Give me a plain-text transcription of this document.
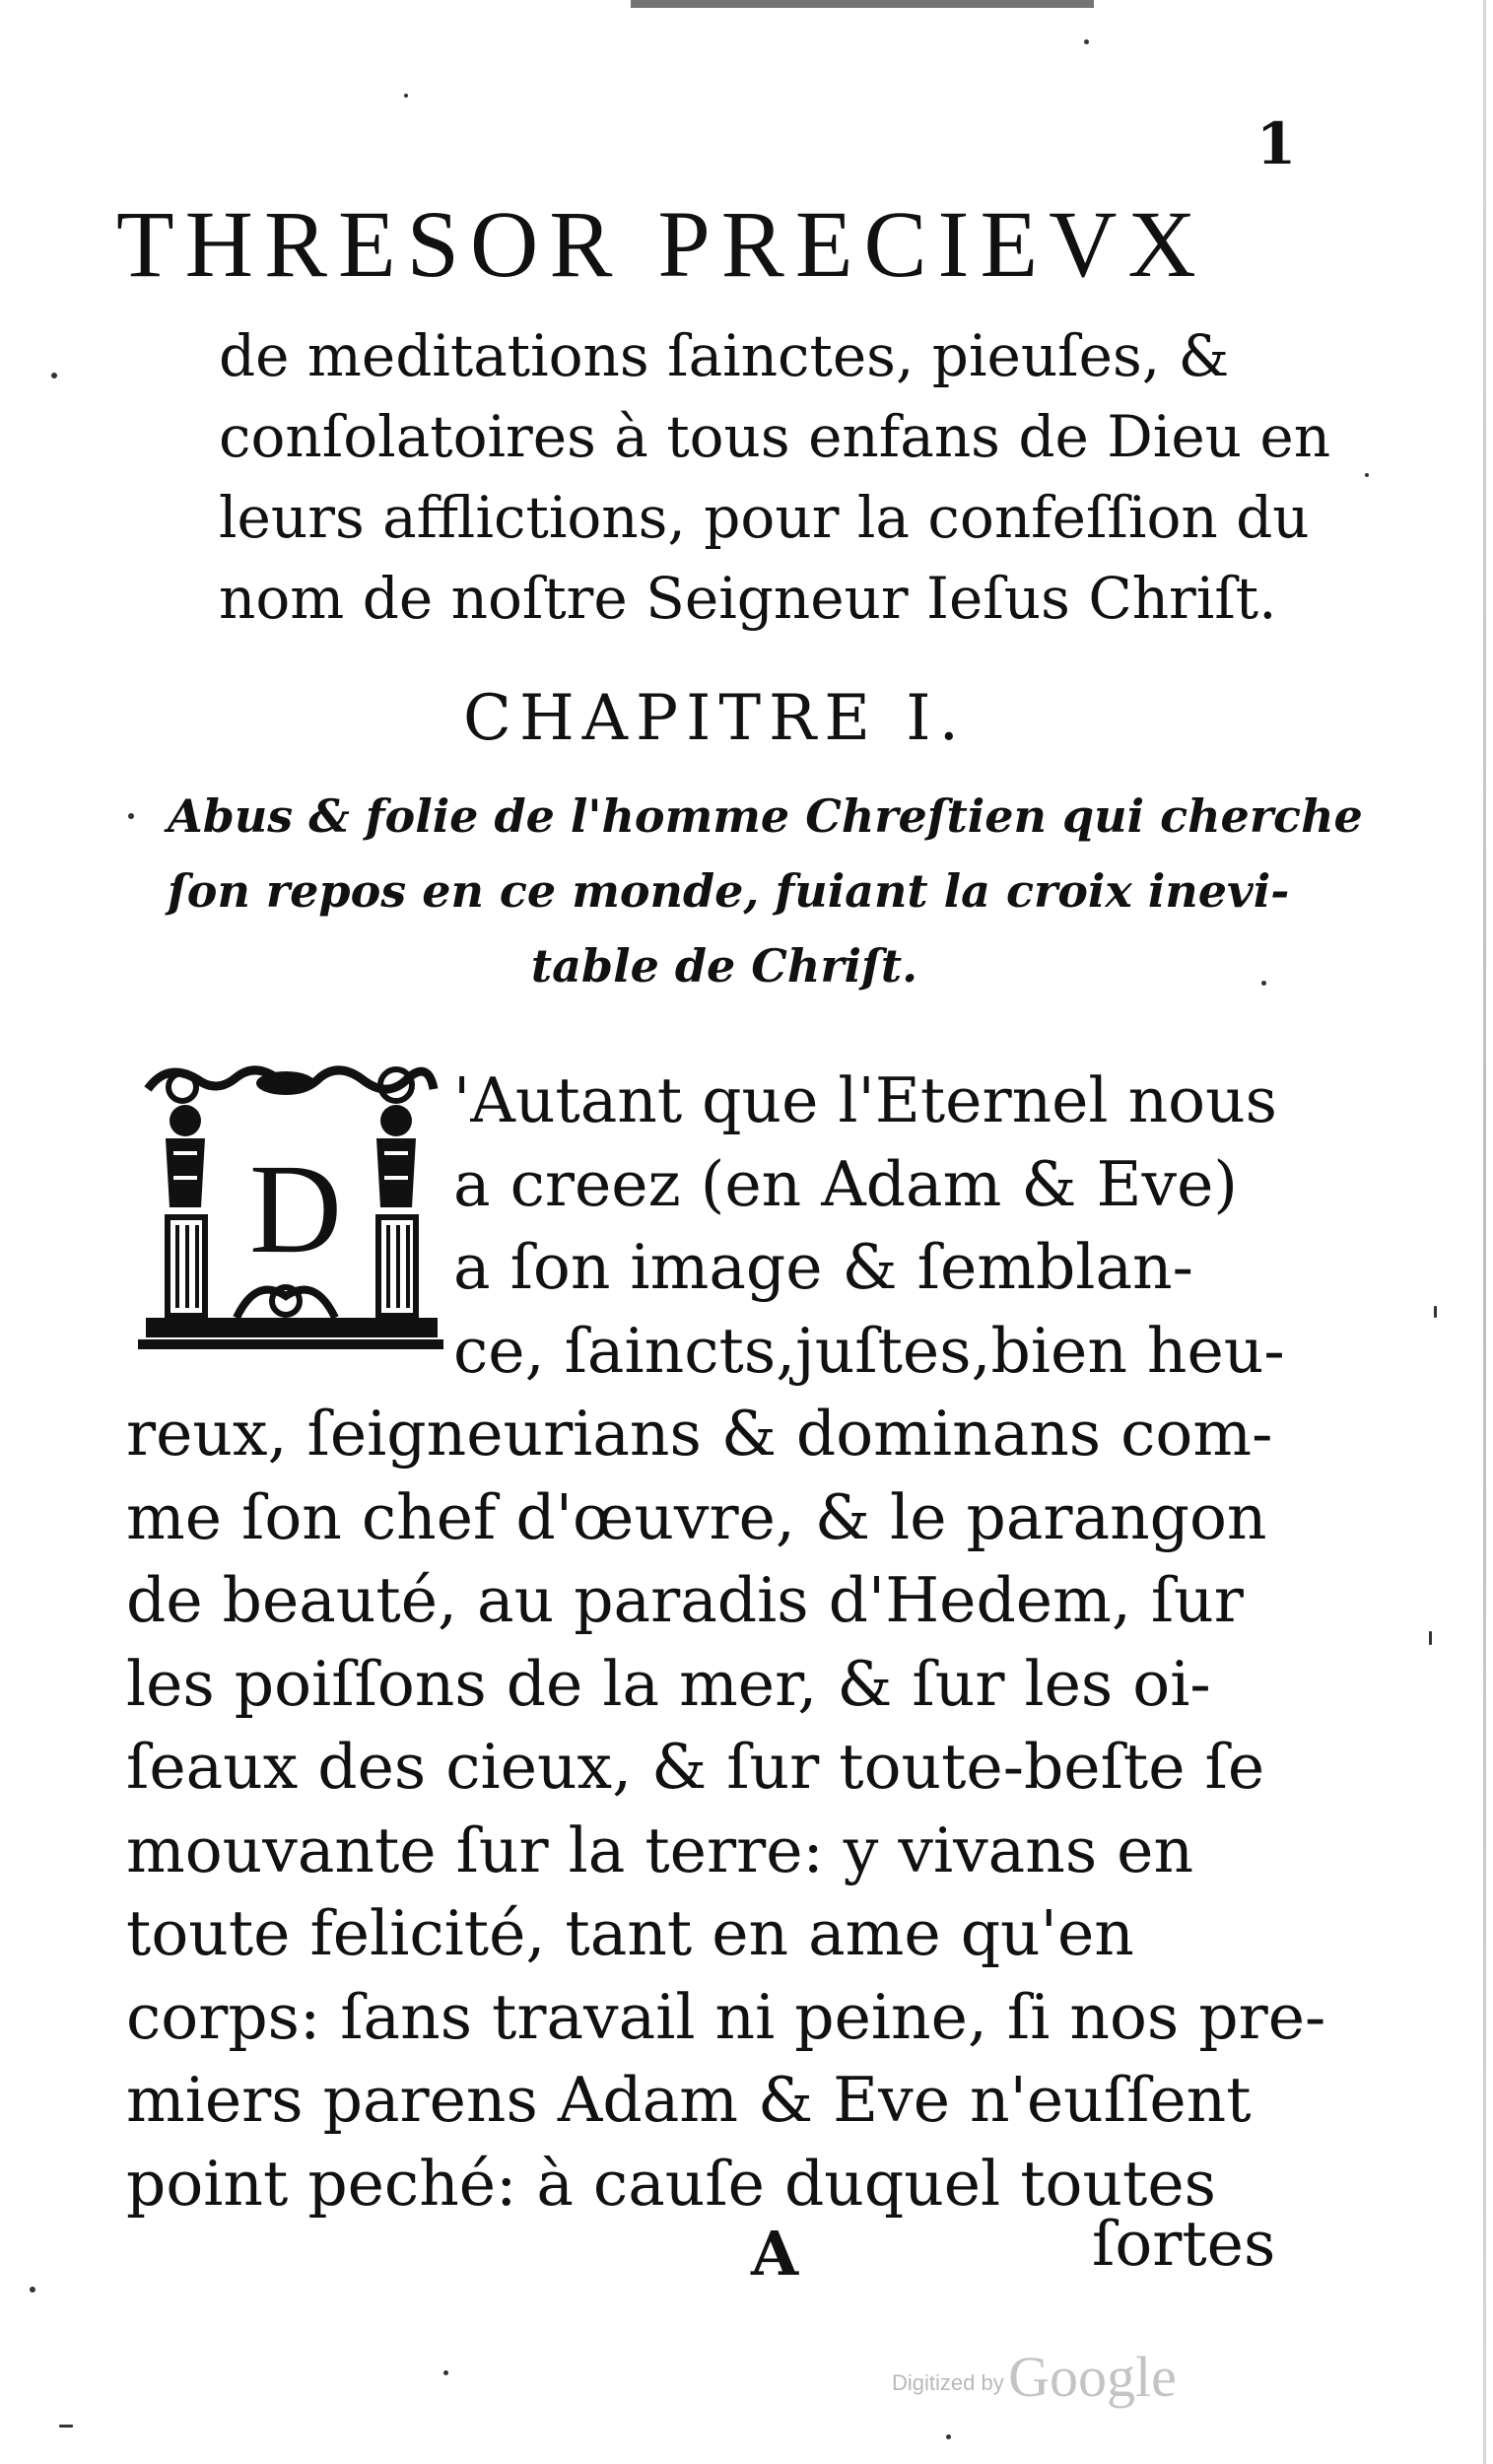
1
THRESOR PRECIEVX
de meditations ſainctes, pieuſes, &
conſolatoires à tous enfans de Dieu en
leurs afflictions, pour la confeſſion du
nom de noſtre Seigneur Ieſus Chriſt.
CHAPITRE I.
Abus & folie de l'homme Chreſtien qui cherche
ſon repos en ce monde, fuiant la croix inevi-
table de Chriſt.
D
'Autant que l'Eternel nous
a creez (en Adam & Eve)
a ſon image & ſemblan-
ce, ſaincts,juſtes,bien heu-
reux, ſeigneurians & dominans com-
me ſon chef d'œuvre, & le parangon
de beauté, au paradis d'Hedem, ſur
les poiſſons de la mer, & ſur les oi-
ſeaux des cieux, & ſur toute-beſte ſe
mouvante ſur la terre: y vivans en
toute felicité, tant en ame qu'en
corps: ſans travail ni peine, ſi nos pre-
miers parens Adam & Eve n'euſſent
point peché: à cauſe duquel toutes
A	ſortes
Digitized by Google
